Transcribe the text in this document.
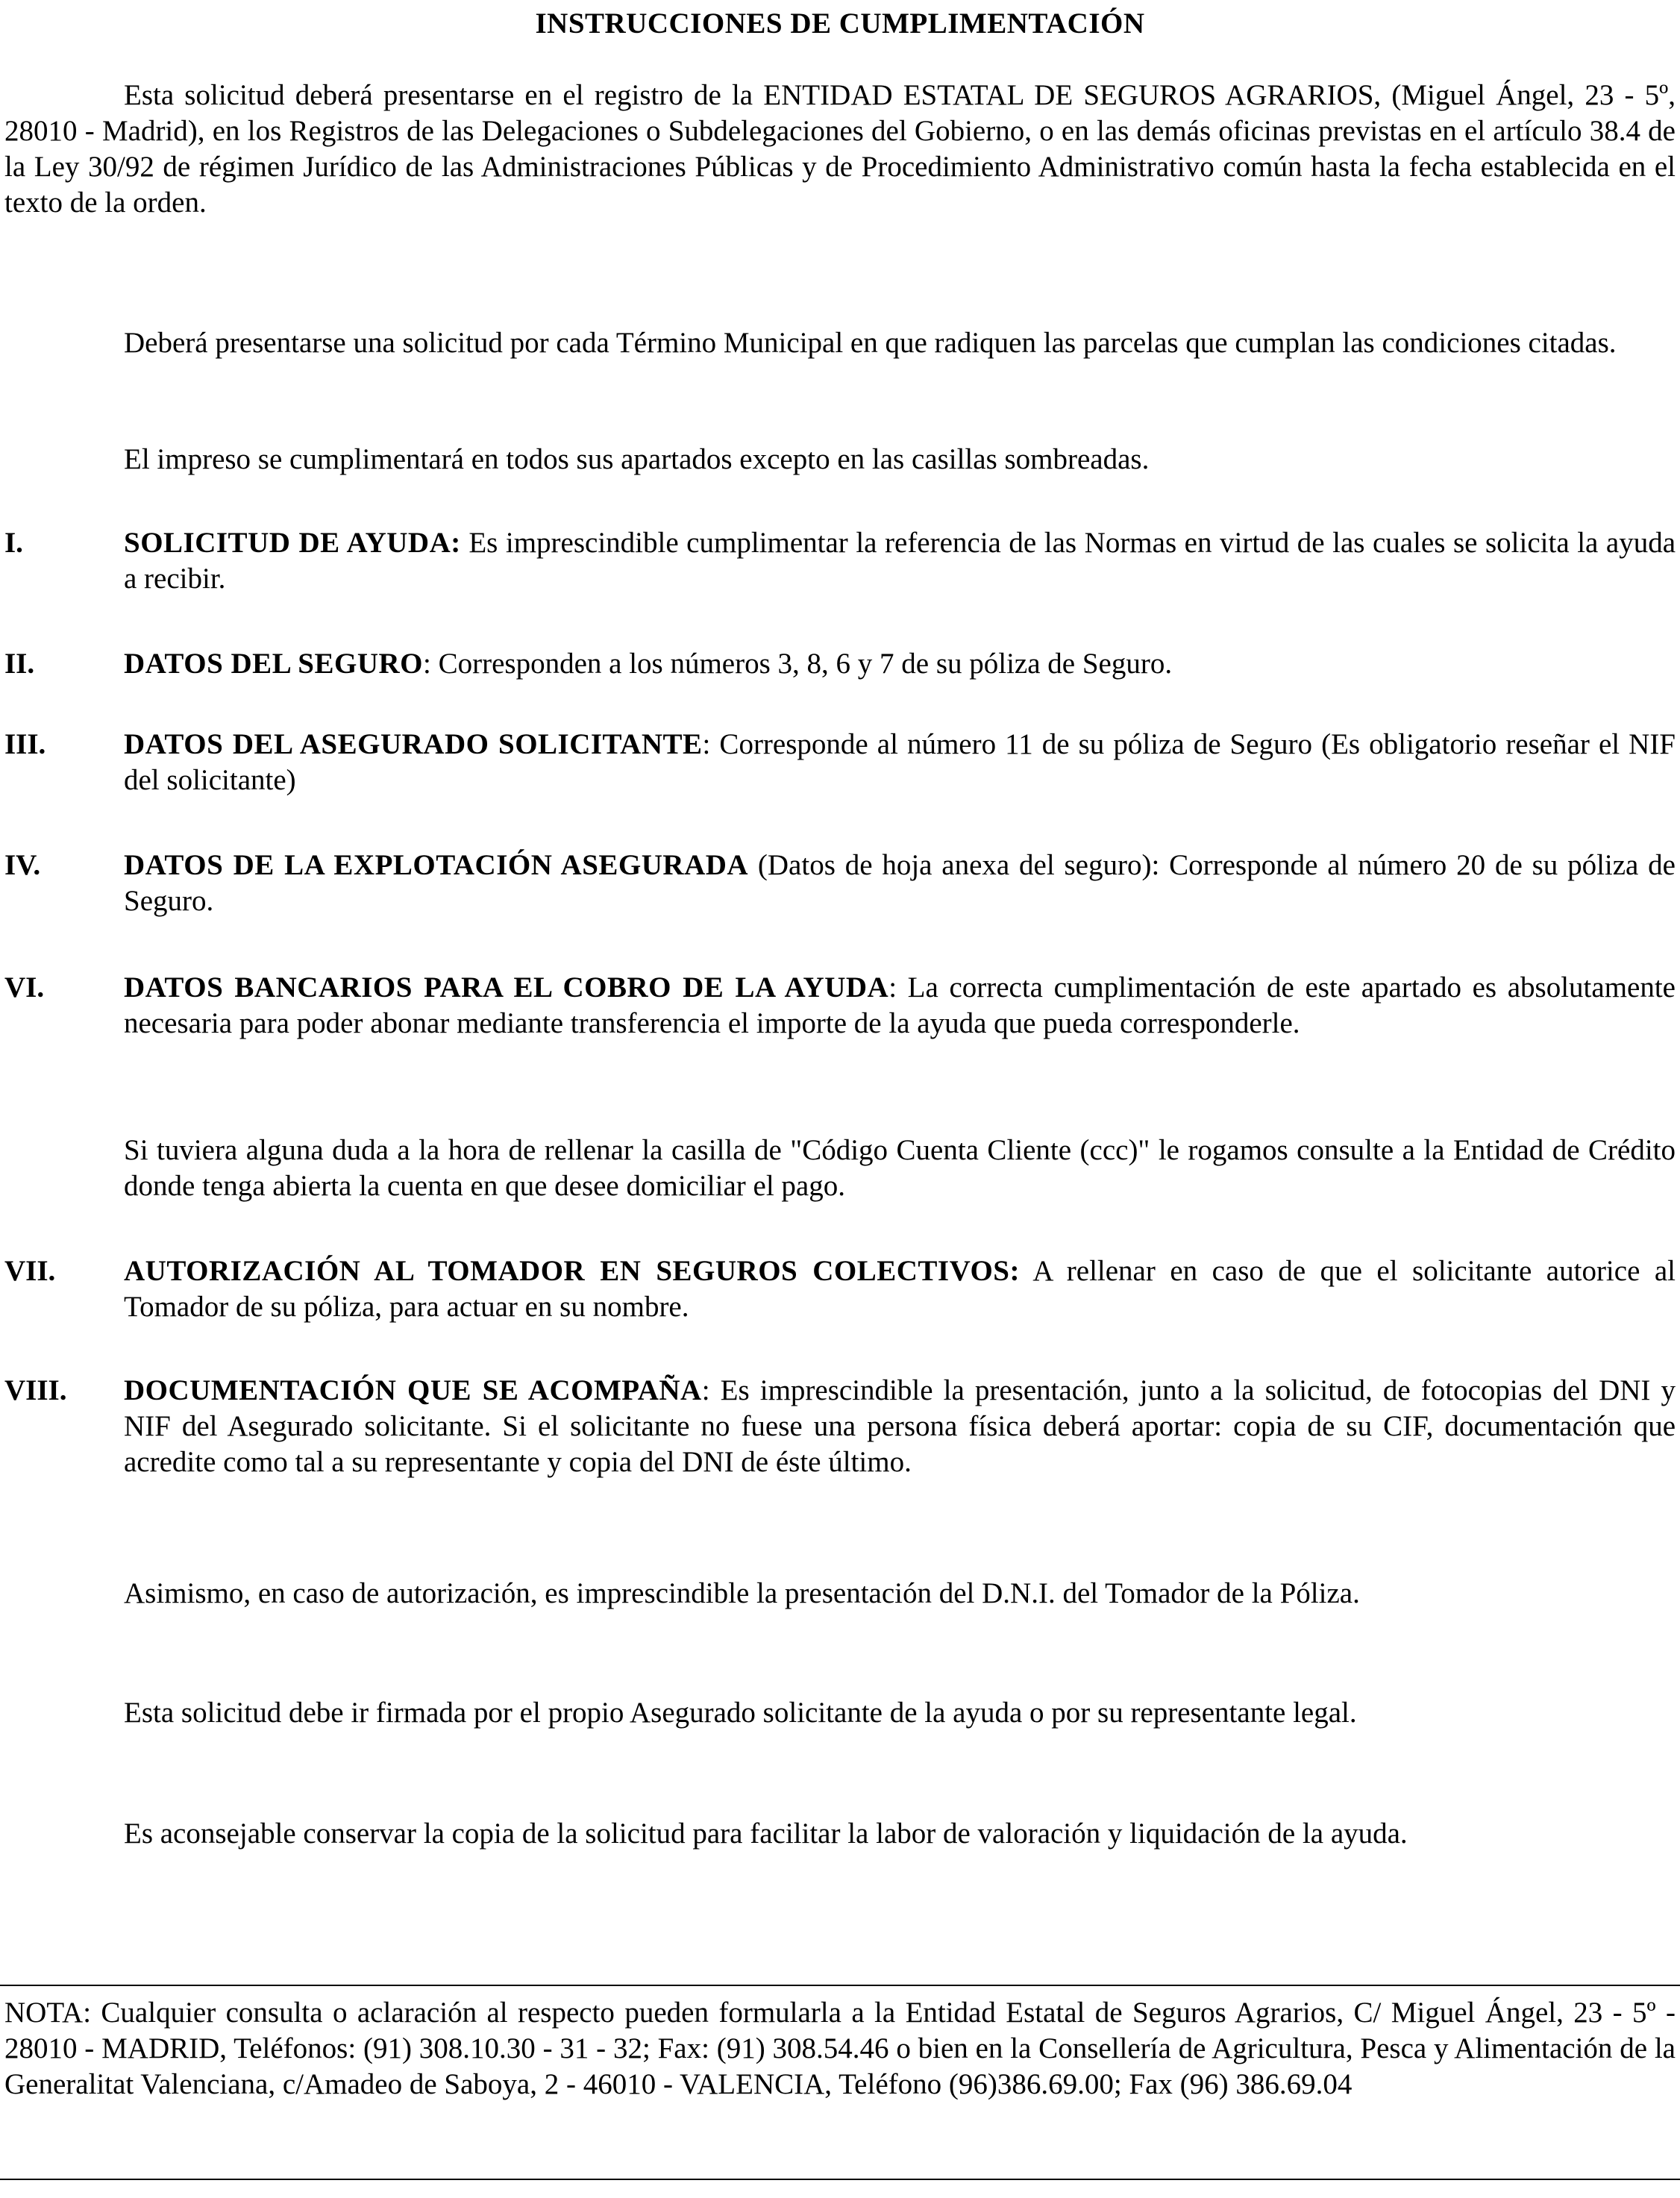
INSTRUCCIONES DE CUMPLIMENTACIÓN

Esta solicitud deberá presentarse en el registro de la ENTIDAD ESTATAL DE SEGUROS AGRARIOS, (Miguel Ángel, 23 - 5º, 28010 - Madrid), en los Registros de las Delegaciones o Subdelegaciones del Gobierno, o en las demás oficinas previstas en el artículo 38.4 de la Ley 30/92 de régimen Jurídico de las Administraciones Públicas y de Procedimiento Administrativo común hasta la fecha establecida en el texto de la orden.

Deberá presentarse una solicitud por cada Término Municipal en que radiquen las parcelas que cumplan las condiciones citadas.

El impreso se cumplimentará en todos sus apartados excepto en las casillas sombreadas.

I.	SOLICITUD DE AYUDA: Es imprescindible cumplimentar la referencia de las Normas en virtud de las cuales se solicita la ayuda a recibir.
II.	DATOS DEL SEGURO: Corresponden a los números 3, 8, 6 y 7 de su póliza de Seguro.
III.	DATOS DEL ASEGURADO SOLICITANTE: Corresponde al número 11 de su póliza de Seguro (Es obligatorio reseñar el NIF del solicitante)
IV.	DATOS DE LA EXPLOTACIÓN ASEGURADA (Datos de hoja anexa del seguro): Corresponde al número 20 de su póliza de Seguro.
VI.	DATOS BANCARIOS PARA EL COBRO DE LA AYUDA: La correcta cumplimentación de este apartado es absolutamente necesaria para poder abonar mediante transferencia el importe de la ayuda que pueda corresponderle.

Si tuviera alguna duda a la hora de rellenar la casilla de "Código Cuenta Cliente (ccc)" le rogamos consulte a la Entidad de Crédito donde tenga abierta la cuenta en que desee domiciliar el pago.

VII. AUTORIZACIÓN AL TOMADOR EN SEGUROS COLECTIVOS: A rellenar en caso de que el solicitante autorice al Tomador de su póliza, para actuar en su nombre.
VIII. DOCUMENTACIÓN QUE SE ACOMPAÑA: Es imprescindible la presentación, junto a la solicitud, de fotocopias del DNI y NIF del Asegurado solicitante. Si el solicitante no fuese una persona física deberá aportar: copia de su CIF, documentación que acredite como tal a su representante y copia del DNI de éste último.

Asimismo, en caso de autorización, es imprescindible la presentación del D.N.I. del Tomador de la Póliza.

Esta solicitud debe ir firmada por el propio Asegurado solicitante de la ayuda o por su representante legal.

Es aconsejable conservar la copia de la solicitud para facilitar la labor de valoración y liquidación de la ayuda.

NOTA: Cualquier consulta o aclaración al respecto pueden formularla a la Entidad Estatal de Seguros Agrarios, C/ Miguel Ángel, 23 - 5º - 28010 - MADRID, Teléfonos: (91) 308.10.30 - 31 - 32; Fax: (91) 308.54.46 o bien en la Consellería de Agricultura, Pesca y Alimentación de la Generalitat Valenciana, c/Amadeo de Saboya, 2 - 46010 - VALENCIA, Teléfono (96)386.69.00; Fax (96) 386.69.04
